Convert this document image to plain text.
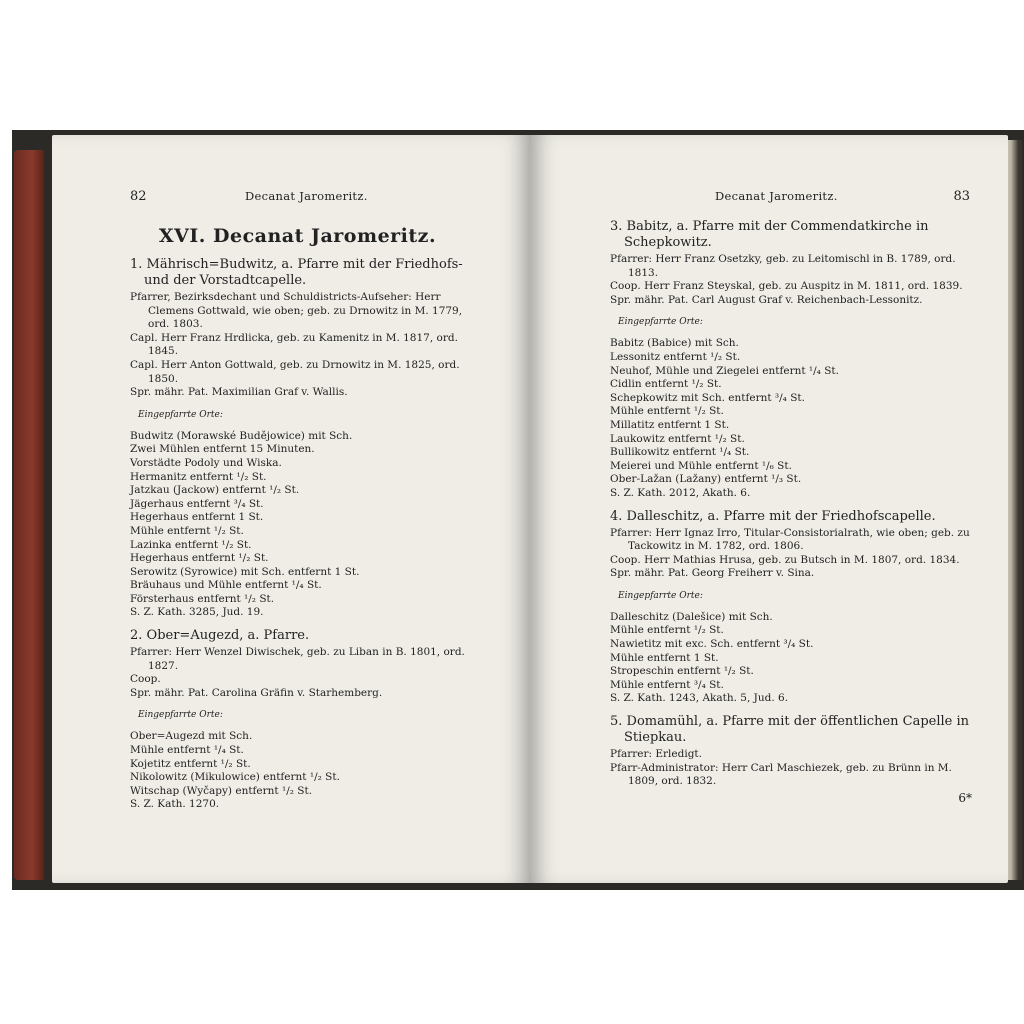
82	Decanat Jaromeritz.
XVI. Decanat Jaromeritz.

1. Mährisch=Budwitz, a. Pfarre mit der Friedhofs- und der Vorstadtcapelle.

Pfarrer, Bezirksdechant und Schuldistricts-Aufseher: Herr Clemens Gottwald, wie oben; geb. zu Drnowitz in M. 1779, ord. 1803.

Capl. Herr Franz Hrdlicka, geb. zu Kamenitz in M. 1817, ord. 1845.

Capl. Herr Anton Gottwald, geb. zu Drnowitz in M. 1825, ord. 1850.

Spr. mähr. Pat. Maximilian Graf v. Wallis.

Eingepfarrte Orte:

Budwitz (Morawské Budějowice) mit Sch.

Zwei Mühlen entfernt 15 Minuten.

Vorstädte Podoly und Wiska.

Hermanitz entfernt ¹/₂ St.

Jatzkau (Jackow) entfernt ¹/₂ St.

Jägerhaus entfernt ³/₄ St.

Hegerhaus entfernt 1 St.

Mühle entfernt ¹/₂ St.

Lazinka entfernt ¹/₂ St.

Hegerhaus entfernt ¹/₂ St.

Serowitz (Syrowice) mit Sch. entfernt 1 St.

Bräuhaus und Mühle entfernt ¹/₄ St.

Försterhaus entfernt ¹/₂ St.

S. Z. Kath. 3285, Jud. 19.

2. Ober=Augezd, a. Pfarre.

Pfarrer: Herr Wenzel Diwischek, geb. zu Liban in B. 1801, ord. 1827.

Coop.

Spr. mähr. Pat. Carolina Gräfin v. Starhemberg.

Eingepfarrte Orte:

Ober=Augezd mit Sch.

Mühle entfernt ¹/₄ St.

Kojetitz entfernt ¹/₂ St.

Nikolowitz (Mikulowice) entfernt ¹/₂ St.

Witschap (Wyčapy) entfernt ¹/₂ St.

S. Z. Kath. 1270.

Decanat Jaromeritz.	83

3. Babitz, a. Pfarre mit der Commendatkirche in Schepkowitz.

Pfarrer: Herr Franz Osetzky, geb. zu Leitomischl in B. 1789, ord. 1813.

Coop. Herr Franz Steyskal, geb. zu Auspitz in M. 1811, ord. 1839.

Spr. mähr. Pat. Carl August Graf v. Reichenbach-Lessonitz.

Eingepfarrte Orte:

Babitz (Babice) mit Sch.

Lessonitz entfernt ¹/₂ St.

Neuhof, Mühle und Ziegelei entfernt ¹/₄ St.

Cidlin entfernt ¹/₂ St.

Schepkowitz mit Sch. entfernt ³/₄ St.

Mühle entfernt ¹/₂ St.

Millatitz entfernt 1 St.

Laukowitz entfernt ¹/₂ St.

Bullikowitz entfernt ¹/₄ St.

Meierei und Mühle entfernt ¹/₆ St.

Ober-Lažan (Lažany) entfernt ¹/₃ St.

S. Z. Kath. 2012, Akath. 6.

4. Dalleschitz, a. Pfarre mit der Friedhofscapelle.

Pfarrer: Herr Ignaz Irro, Titular-Consistorialrath, wie oben; geb. zu Tackowitz in M. 1782, ord. 1806.

Coop. Herr Mathias Hrusa, geb. zu Butsch in M. 1807, ord. 1834.

Spr. mähr. Pat. Georg Freiherr v. Sina.

Eingepfarrte Orte:

Dalleschitz (Dalešice) mit Sch.

Mühle entfernt ¹/₂ St.

Nawietitz mit exc. Sch. entfernt ³/₄ St.

Mühle entfernt 1 St.

Stropeschin entfernt ¹/₂ St.

Mühle entfernt ³/₄ St.

S. Z. Kath. 1243, Akath. 5, Jud. 6.

5. Domamühl, a. Pfarre mit der öffentlichen Capelle in Stiepkau.

Pfarrer: Erledigt.

Pfarr-Administrator: Herr Carl Maschiezek, geb. zu Brünn in M. 1809, ord. 1832.

6*
